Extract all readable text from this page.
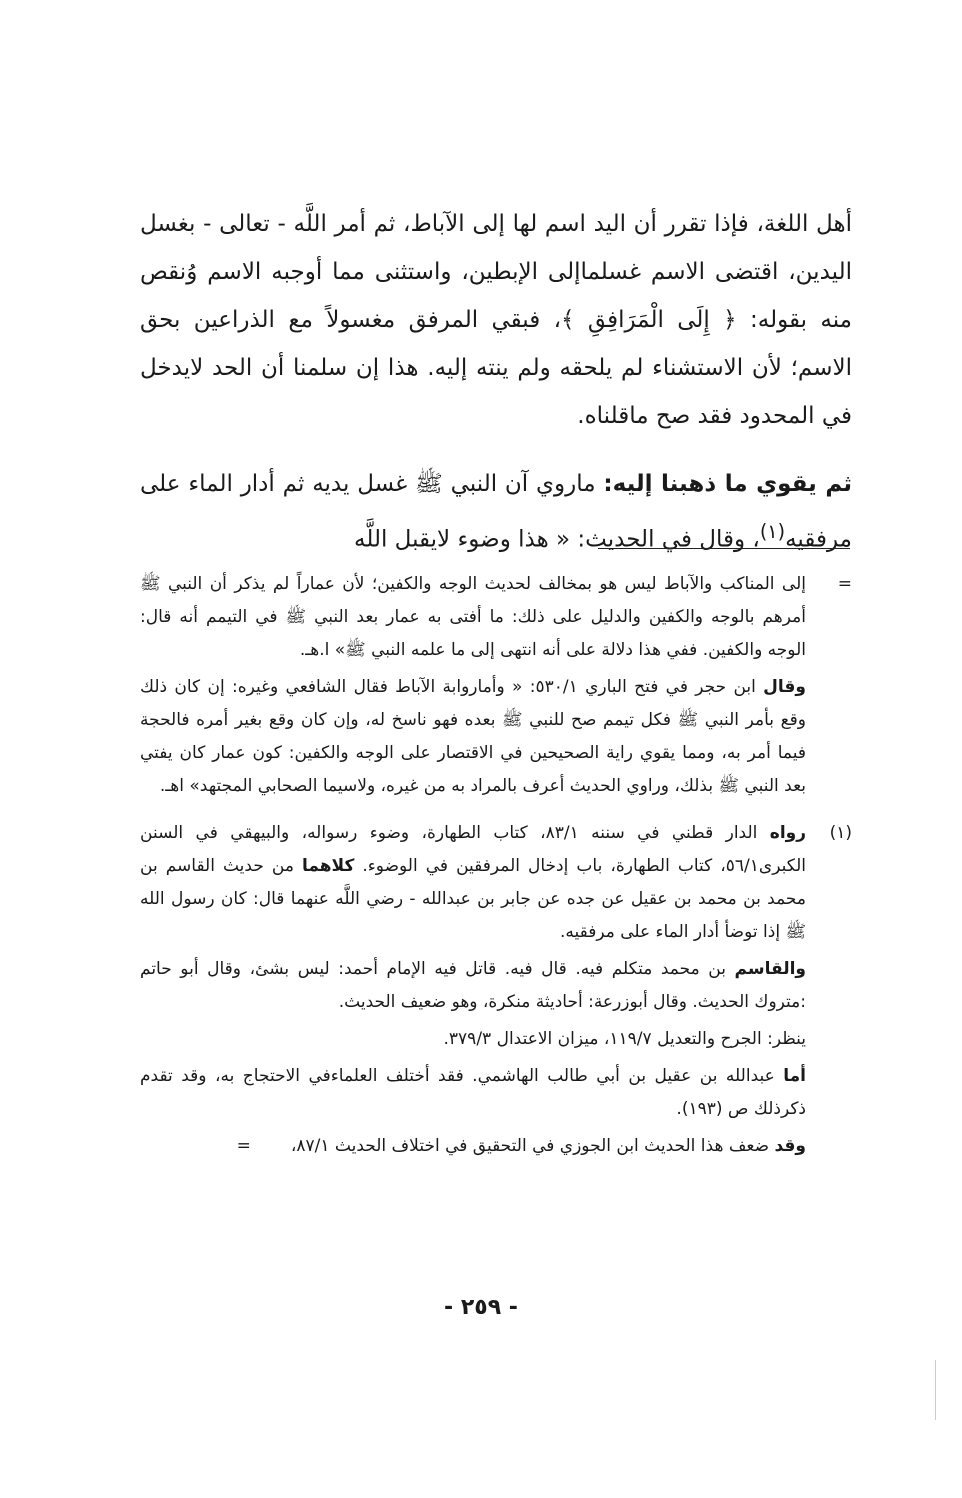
أهل اللغة، فإذا تقرر أن اليد اسم لها إلى الآباط، ثم أمر اللَّه - تعالى - بغسل اليدين، اقتضى الاسم غسلماإلى الإبطين، واستثنى مما أوجبه الاسم وُنقص منه بقوله: ﴿ إِلَى الْمَرَافِقِ ﴾، فبقي المرفق مغسولاً مع الذراعين بحق الاسم؛ لأن الاستشناء لم يلحقه ولم ينته إليه. هذا إن سلمنا أن الحد لايدخل في المحدود فقد صح ماقلناه.

ثم يقوي ما ذهبنا إليه: ماروي آن النبي ﷺ غسل يديه ثم أدار الماء على مرفقيه$^{(١)}$، وقال في الحديث: « هذا وضوء لايقبل اللَّه

=

إلى المناكب والآباط ليس هو بمخالف لحديث الوجه والكفين؛ لأن عماراً لم يذكر أن النبي ﷺ أمرهم بالوجه والكفين والدليل على ذلك: ما أفتى به عمار بعد النبي ﷺ في التيمم أنه قال: الوجه والكفين. ففي هذا دلالة على أنه انتهى إلى ما علمه النبي ﷺ» ا.هـ.

وقال ابن حجر في فتح الباري ٥٣٠/١: « وأماروابة الآباط فقال الشافعي وغيره: إن كان ذلك وقع بأمر النبي ﷺ فكل تيمم صح للنبي ﷺ بعده فهو ناسخ له، وإن كان وقع بغير أمره فالحجة فيما أمر به، ومما يقوي راية الصحيحين في الاقتصار على الوجه والكفين: كون عمار كان يفتي بعد النبي ﷺ بذلك، وراوي الحديث أعرف بالمراد به من غيره، ولاسيما الصحابي المجتهد» اهـ.

(١)

رواه الدار قطني في سننه ٨٣/١، كتاب الطهارة، وضوء رسواله، والبيهقي في السنن الكبرى٥٦/١، كتاب الطهارة، باب إدخال المرفقين في الوضوء. كلاهما من حديث القاسم بن محمد بن محمد بن عقيل عن جده عن جابر بن عبدالله - رضي اللَّه عنهما قال: كان رسول الله ﷺ إذا توضأ أدار الماء على مرفقيه.

والقاسم بن محمد متكلم فيه. قال فيه. قاتل فيه الإمام أحمد: ليس بشئ، وقال أبو حاتم :متروك الحديث. وقال أبوزرعة: أحاديثة منكرة، وهو ضعيف الحديث.

ينظر: الجرح والتعديل ١١٩/٧، ميزان الاعتدال ٣٧٩/٣.

أما عبدالله بن عقيل بن أبي طالب الهاشمي. فقد أختلف العلماءفي الاحتجاج به، وقد تقدم ذكرذلك ص (١٩٣).

وقد ضعف هذا الحديث ابن الجوزي في التحقيق في اختلاف الحديث ٨٧/١،=

- ٢٥٩ -
